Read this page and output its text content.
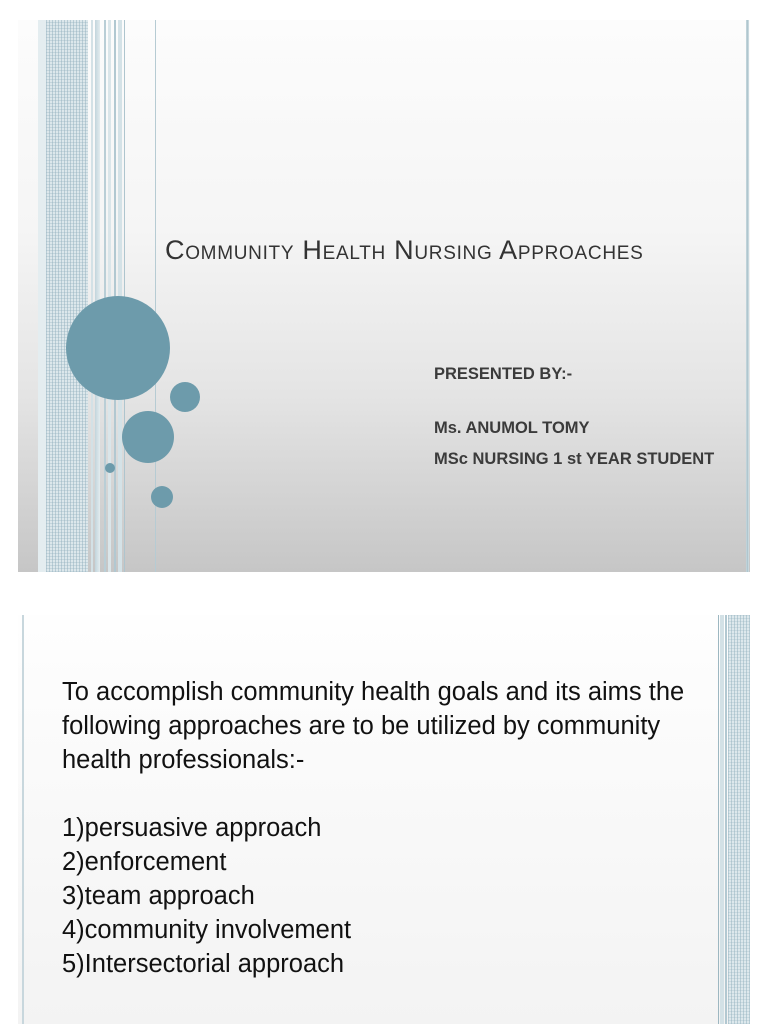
Community Health Nursing Approaches
PRESENTED BY:-
Ms. ANUMOL TOMY
MSc NURSING 1 st YEAR STUDENT

To accomplish community health goals and its aims the following approaches are to be utilized by community health professionals:-

1)persuasive approach
2)enforcement
3)team approach
4)community involvement
5)Intersectorial approach
